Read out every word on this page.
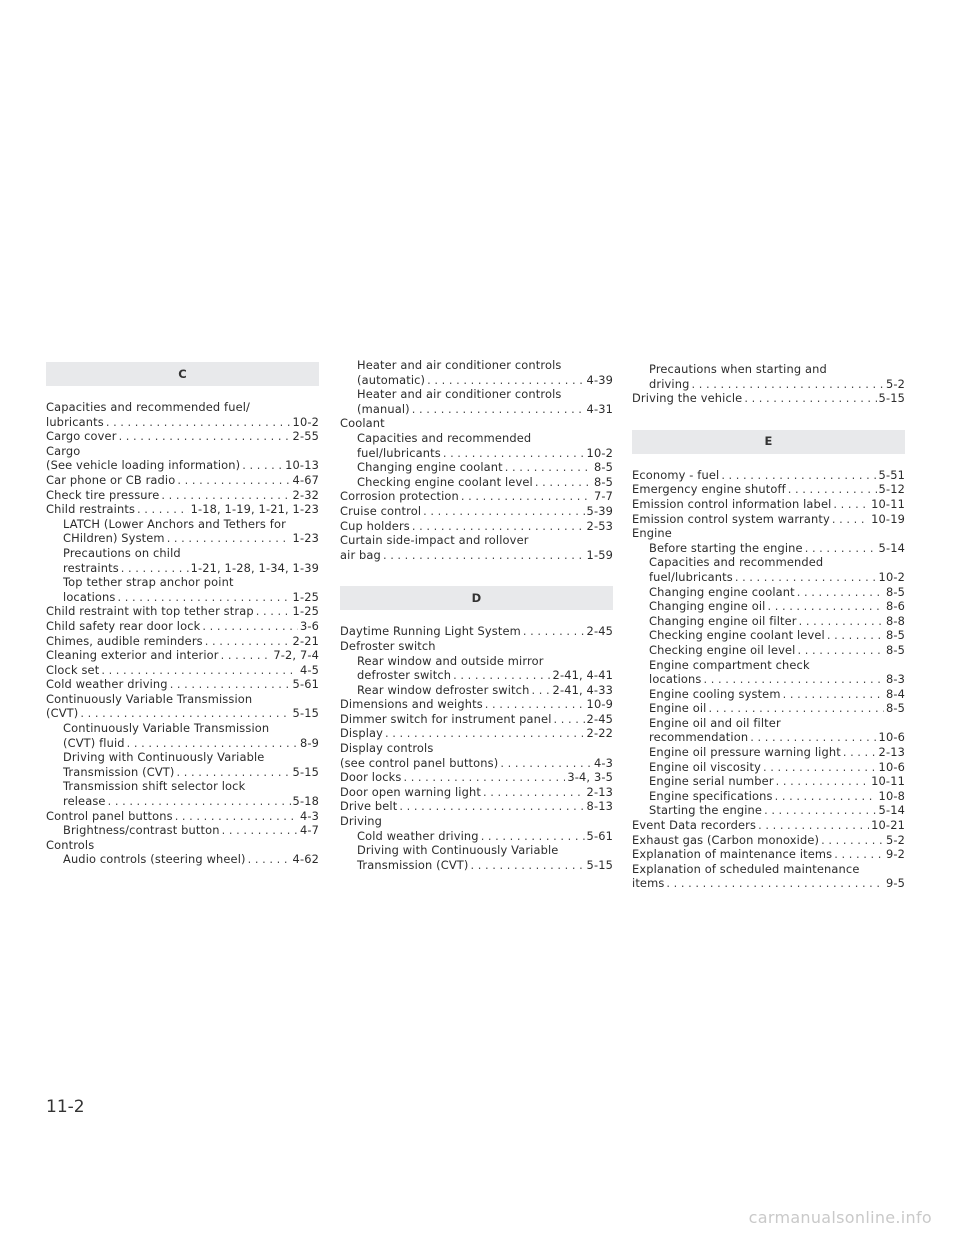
C
Capacities and recommended fuel/
lubricants . . .	10-2
Cargo cover . . .	2-55
Cargo
(See vehicle loading information) . . .	10-13
Car phone or CB radio . . .	4-67
Check tire pressure . . .	2-32
Child restraints . . .	1-18, 1-19, 1-21, 1-23
LATCH (Lower Anchors and Tethers for
CHildren) System . . .	1-23
Precautions on child
restraints . . .	1-21, 1-28, 1-34, 1-39
Top tether strap anchor point
locations . . .	1-25
Child restraint with top tether strap . . .	1-25
Child safety rear door lock . . .	3-6
Chimes, audible reminders . . .	2-21
Cleaning exterior and interior . . .	7-2, 7-4
Clock set . . .	4-5
Cold weather driving . . .	5-61
Continuously Variable Transmission
(CVT) . . .	5-15
Continuously Variable Transmission
(CVT) fluid . . .	8-9
Driving with Continuously Variable
Transmission (CVT) . . .	5-15
Transmission shift selector lock
release . . .	5-18
Control panel buttons . . .	4-3
Brightness/contrast button . . .	4-7
Controls
Audio controls (steering wheel) . . .	4-62
Heater and air conditioner controls
(automatic) . . .	4-39
Heater and air conditioner controls
(manual) . . .	4-31
Coolant
Capacities and recommended
fuel/lubricants . . .	10-2
Changing engine coolant . . .	8-5
Checking engine coolant level . . .	8-5
Corrosion protection . . .	7-7
Cruise control . . .	5-39
Cup holders . . .	2-53
Curtain side-impact and rollover
air bag . . .	1-59
D
Daytime Running Light System . . .	2-45
Defroster switch
Rear window and outside mirror
defroster switch . . .	2-41, 4-41
Rear window defroster switch . . . 2-41, 4-33
Dimensions and weights . . .	10-9
Dimmer switch for instrument panel . . .	2-45
Display . . .	2-22
Display controls
(see control panel buttons) . . .	4-3
Door locks . . .	3-4, 3-5
Door open warning light . . .	2-13
Drive belt . . .	8-13
Driving
Cold weather driving . . .	5-61
Driving with Continuously Variable
Transmission (CVT) . . .	5-15
Precautions when starting and
driving . . .	5-2
Driving the vehicle . . .	5-15
E
Economy - fuel . . .	5-51
Emergency engine shutoff . . .	5-12
Emission control information label . . .	10-11
Emission control system warranty . . .	10-19
Engine
Before starting the engine . . .	5-14
Capacities and recommended
fuel/lubricants . . .	10-2
Changing engine coolant . . .	8-5
Changing engine oil . . .	8-6
Changing engine oil filter . . .	8-8
Checking engine coolant level . . .	8-5
Checking engine oil level . . .	8-5
Engine compartment check
locations . . .	8-3
Engine cooling system . . .	8-4
Engine oil . . .	8-5
Engine oil and oil filter
recommendation . . .	10-6
Engine oil pressure warning light . . .	2-13
Engine oil viscosity . . .	10-6
Engine serial number . . .	10-11
Engine specifications . . .	10-8
Starting the engine . . .	5-14
Event Data recorders . . .	10-21
Exhaust gas (Carbon monoxide) . . .	5-2
Explanation of maintenance items . . .	9-2
Explanation of scheduled maintenance
items . . .	9-5
11-2
carmanualsonline.info
